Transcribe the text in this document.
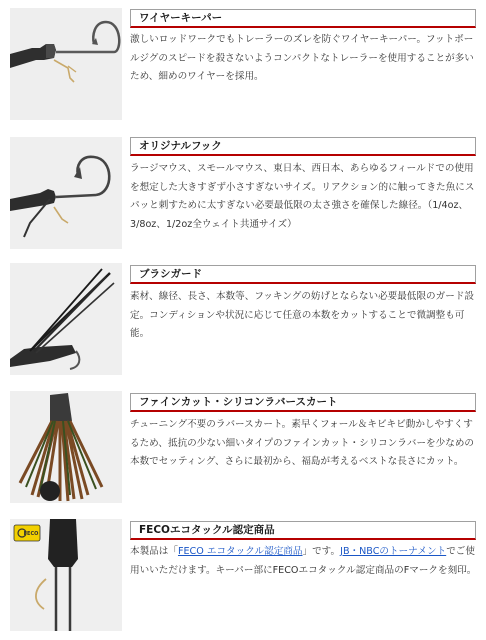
ワイヤーキーパー
激しいロッドワークでもトレーラーのズレを防ぐワイヤーキーパー。フットボー
ルジグのスピードを殺さないようコンパクトなトレーラーを使用することが多い
ため、細めのワイヤーを採用。
オリジナルフック
ラージマウス、スモールマウス、東日本、西日本、あらゆるフィールドでの使用
を想定した大きすぎず小さすぎないサイズ。リアクション的に触ってきた魚にス
パッと刺すために太すぎない必要最低限の太さ強さを確保した線径。（1/4oz、
3/8oz、1/2oz全ウェイト共通サイズ）
ブラシガード
素材、線径、長さ、本数等、フッキングの妨げとならない必要最低限のガード設
定。コンディションや状況に応じて任意の本数をカットすることで微調整も可
能。
ファインカット・シリコンラバースカート
チューニング不要のラバースカート。素早くフォール＆キビキビ動かしやすくす
るため、抵抗の少ない細いタイプのファインカット・シリコンラバーを少なめの
本数でセッティング、さらに最初から、福島が考えるベストな長さにカット。
FECO	FECOエコタックル認定商品
本製品は「FECO エコタックル認定商品」です。JB・NBCのトーナメントでご使
用いいただけます。キーパー部にFECOエコタックル認定商品のFマークを刻印。
